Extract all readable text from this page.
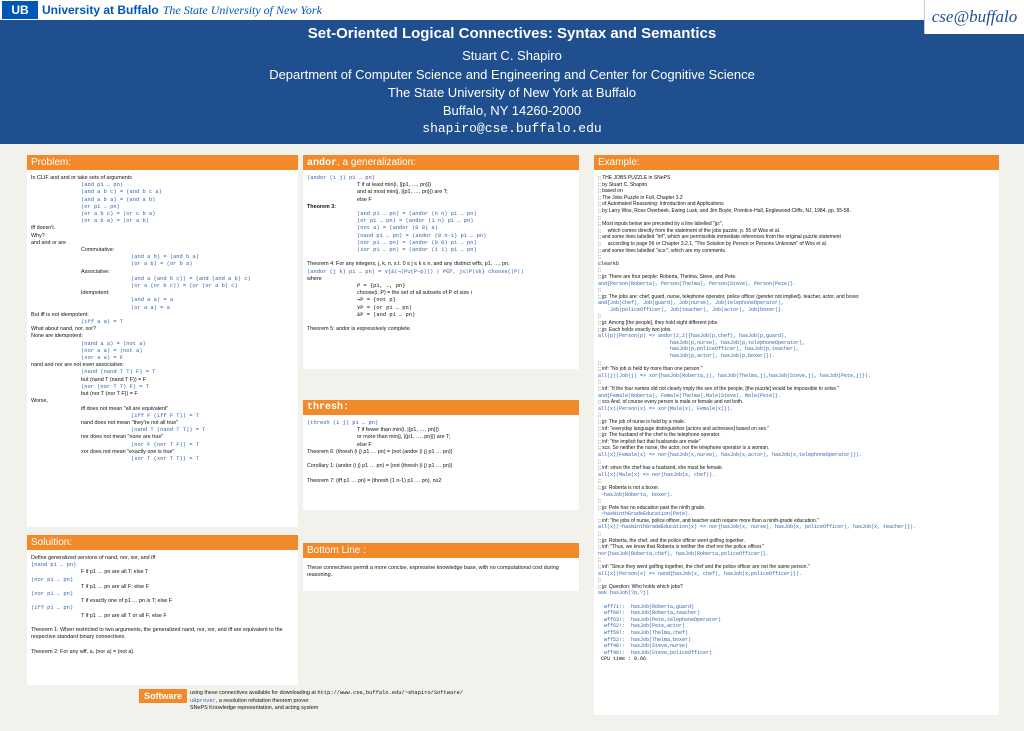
UB	University at Buffalo The State University of New York
Set-Oriented Logical Connectives: Syntax and Semantics
Stuart C. Shapiro
Department of Computer Science and Engineering and Center for Cognitive Science
The State University of New York at Buffalo
Buffalo, NY 14260-2000
shapiro@cse.buffalo.edu
cse@buffalo
Problem:
In CLIF and and or take sets of arguments
(and p1 … pn)
(and a b c) = (and b c a)
(and a b a) = (and a b)
(or p1 … pn)
(or a b c) = (or c b a)
(or a b a) = (or a b)
iff doesn't.
Why?
and and or are
Commutative:
(and a b) = (and b a)
(or a b) = (or b a)
Associative:
(and a (and b c)) = (and (and a b) c)
(or a (or b c)) = (or (or a b) c)
Idempotent:
(and a a) = a
(or a a) = a
But iff is not idempotent:
(iff a a) = T
What about nand, nor, xor?
None are idempotent:
(nand a a) = (not a)
(nor a a) = (not a)
(xor a a) = F
nand and nor are not even associative:
(nand (nand T T) F) = T
but (nand T (nand T F)) = F
(nor (nor T T) F) = T
but (nor T (nor T F)) = F
Worse,
iff does not mean "all are equivalent"
(iff F (iff F T)) = T
nand does not mean "they're not all true"
(nand T (nand T T)) = T
nor does not mean "none are true"
(nor F (nor T F)) = T
xor does not mean "exactly one is true"
(xor T (xor T T)) = T
Soluition:
Define generalized versions of nand, nor, xor, and iff
(nand p1 … pn)
F if p1 … pn are all T; else T
(nor p1 … pn)
T if p1 … pn are all F; else F
(xor p1 … pn)
T if exactly one of p1 … pn is T; else F
(iff p1 … pn)
T if p1 … pn are all T or all F; else F

Theorem 1: When restricted to two arguments, the generalized nand, nor, xor, and iff are equivalent to the respective standard binary connectives.

Theorem 2: For any wff, a, (nor a) = (not a).
andor, a generalization:
(andor (i j) p1 … pn)
T if at least min(i, |{p1, …, pn}|)
and at most min(j, |{p1, …, pn}|) are T;
else F
Theorem 3:
(and p1 … pn) = (andor (n n) p1 … pn)
(or p1 … pn) = (andor (1 n) p1 … pn)
(not a) = (andor (0 0) a)
(nand p1 … pn) = (andor (0 n-1) p1 … pn)
(nor p1 … pn) = (andor (0 0) p1 … pn)
(xor p1 … pn) = (andor (1 1) p1 … pn)

Theorem 4: For any integers, j, k, n, s.t. 0 ≤ j ≤ k ≤ n, and any distinct wffs, p1, …, pn,
(andor (j k) p1 … pn) = ∨{&(¬(P∪(P−p))) | P∈ℙ, j≤|P|≤k} choose(|P|)
where
P = {p1, …, pn}
choose(i, P) = the set of all subsets of P of size i
¬P = {not p}
∨P = (or p1 … pn)
&P = (and p1 … pn)

Theorem 5: andor is expressively complete.
thresh:
(thresh (i j) p1 … pn)
T if fewer than min(i, |{p1, …, pn}|)
or more than min(j, |{p1, …, pn}|) are T;
else F
Theorem 6: (thresh (i j) p1 … pn) = (not (andor (i j) p1 … pn))

Corollary 1: (andor (i j) p1 … pn) = (not (thresh (i j) p1 … pn))

Theorem 7: (iff p1 … pn) = (thresh (1 n-1) p1 … pn), n≥2
Bottom Line :
These connectives permit a more concise, expressive knowledge base, with no computational cost during reasoning.
Example:
;; THE JOBS PUZZLE in SNePS
;; by Stuart C. Shapiro
;; based on
;; The Jobs Puzzle in Full, Chapter 3.2
;; of Automated Reasoning: Introduction and Applications
;; by Larry Wos, Ross Overbeek, Ewing Lusk, and Jim Boyle, Prentice-Hall, Englewood Cliffs, NJ, 1984, pp. 55-58.
;;
;; Most inputs below are preceded by a line labelled "jp:",
;;     which comes directly from the statement of the jobs puzzle, p. 55 of Wos et al.
;; and some lines labelled "inf", which are permissible immediate inferences from the original puzzle statement
;;     according to page 56 or Chapter 3.2.1, "The Solution by Person or Persons Unknown" of Wos et al.
;; and some lines labelled "scs:", which are my comments.
;;
clearkb
;;
;; jp: There are four people: Roberta, Thelma, Steve, and Pete.
and{Person(Roberta), Person(Thelma), Person(Steve), Person(Pete)}.
;;
;; jp: The jobs are: chef, guard, nurse, telephone operator, police officer (gender not implied), teacher, actor, and boxer.
and{Job(chef), Job(guard), Job(nurse), Job(telephoneOperator),
Job(policeOfficer), Job(teacher), Job(actor), Job(boxer)}.
;;
;; jp: Among [the people], they hold eight different jobs.
;; jp: Each holds exactly two jobs.
all(p)(Person(p) => andor(2,2){hasJob(p,chef), hasJob(p,guard),
hasJob(p,nurse), hasJob(p,telephoneOperator),
hasJob(p,policeOfficer), hasJob(p,teacher),
hasJob(p,actor), hasJob(p,boxer)}).
;;
;; inf: "No job is held by more than one person."
all(j)(Job(j) => xor{hasJob(Roberta,j), hasJob(Thelma,j),hasJob(Steve,j), hasJob(Pete,j)}).
;;
;; inf: "If the four names did not clearly imply the sex of the people, [the puzzle] would be impossible to solve."
and{Female(Roberta), Female(Thelma),Male(Steve), Male(Pete)}.
;; scs And, of course every person is male or female and not both.
all(x)(Person(x) => xor{Male(x), Female(x)}).
;;
;; jp: The job of nurse is held by a male.
;; inf: "everyday language distinguishes [actors and actresses] based on sex."
;; jp: The husband of the chef is the telephone operator.
;; inf: "the implicit fact that husbands are male"
;; scs: So neither the nurse, the actor, nor the telephone operator is a woman.
all(x)(Female(x) => nor{hasJob(x,nurse), hasJob(x,actor), hasJob(x,telephoneOperator)}).
;;
;; inf: since the chef has a husband, she must be female.
all(x)(Male(x) => nor(hasJob(x, chef)).
;;
;; jp: Roberta is not a boxer.
~hasJob(Roberta, boxer).
;;
;; jp: Pete has no education past the ninth grade.
~hasNinthGradeEducation(Pete).
;; inf: "the jobs of nurse, police officer, and teacher each require more than a ninth-grade education."
all(x)(~hasNinthGradeEducation(x) => nor{hasJob(x, nurse), hasJob(x, policeOfficer), hasJob(x, teacher)}).
;;
;; jp: Roberta, the chef, and the police officer went golfing together.
;; inf: "Thus, we know that Roberta is neither the chef nor the police officer."
nor{hasJob(Roberta,chef), hasJob(Roberta,policeOfficer)}.
;;
;; inf: "Since they went golfing together, the chef and the police officer are not the same person."
all(x)(Person(x) => nand{hasJob(x, chef), hasJob(x,policeOfficer)}).
;;
;; jp: Question: Who holds which jobs?
ask hasJob(?p,?j)

wff71!:  hasJob(Roberta,guard)
wff68!:  hasJob(Roberta,teacher)
wff63!:  hasJob(Pete,telephoneOperator)
wff62!:  hasJob(Pete,actor)
wff59!:  hasJob(Thelma,chef)
wff52!:  hasJob(Thelma,boxer)
wff48!:  hasJob(Steve,nurse)
wff46!:  hasJob(Steve,policeOfficer)
CPU time : 0.66
Software	using these connectives available for downloading at http://www.cse,buffalo.edu/~shapiro/Software/
uBprover, a resolution refutation theorem prover
SNePS Knowledge representation, and acting system
